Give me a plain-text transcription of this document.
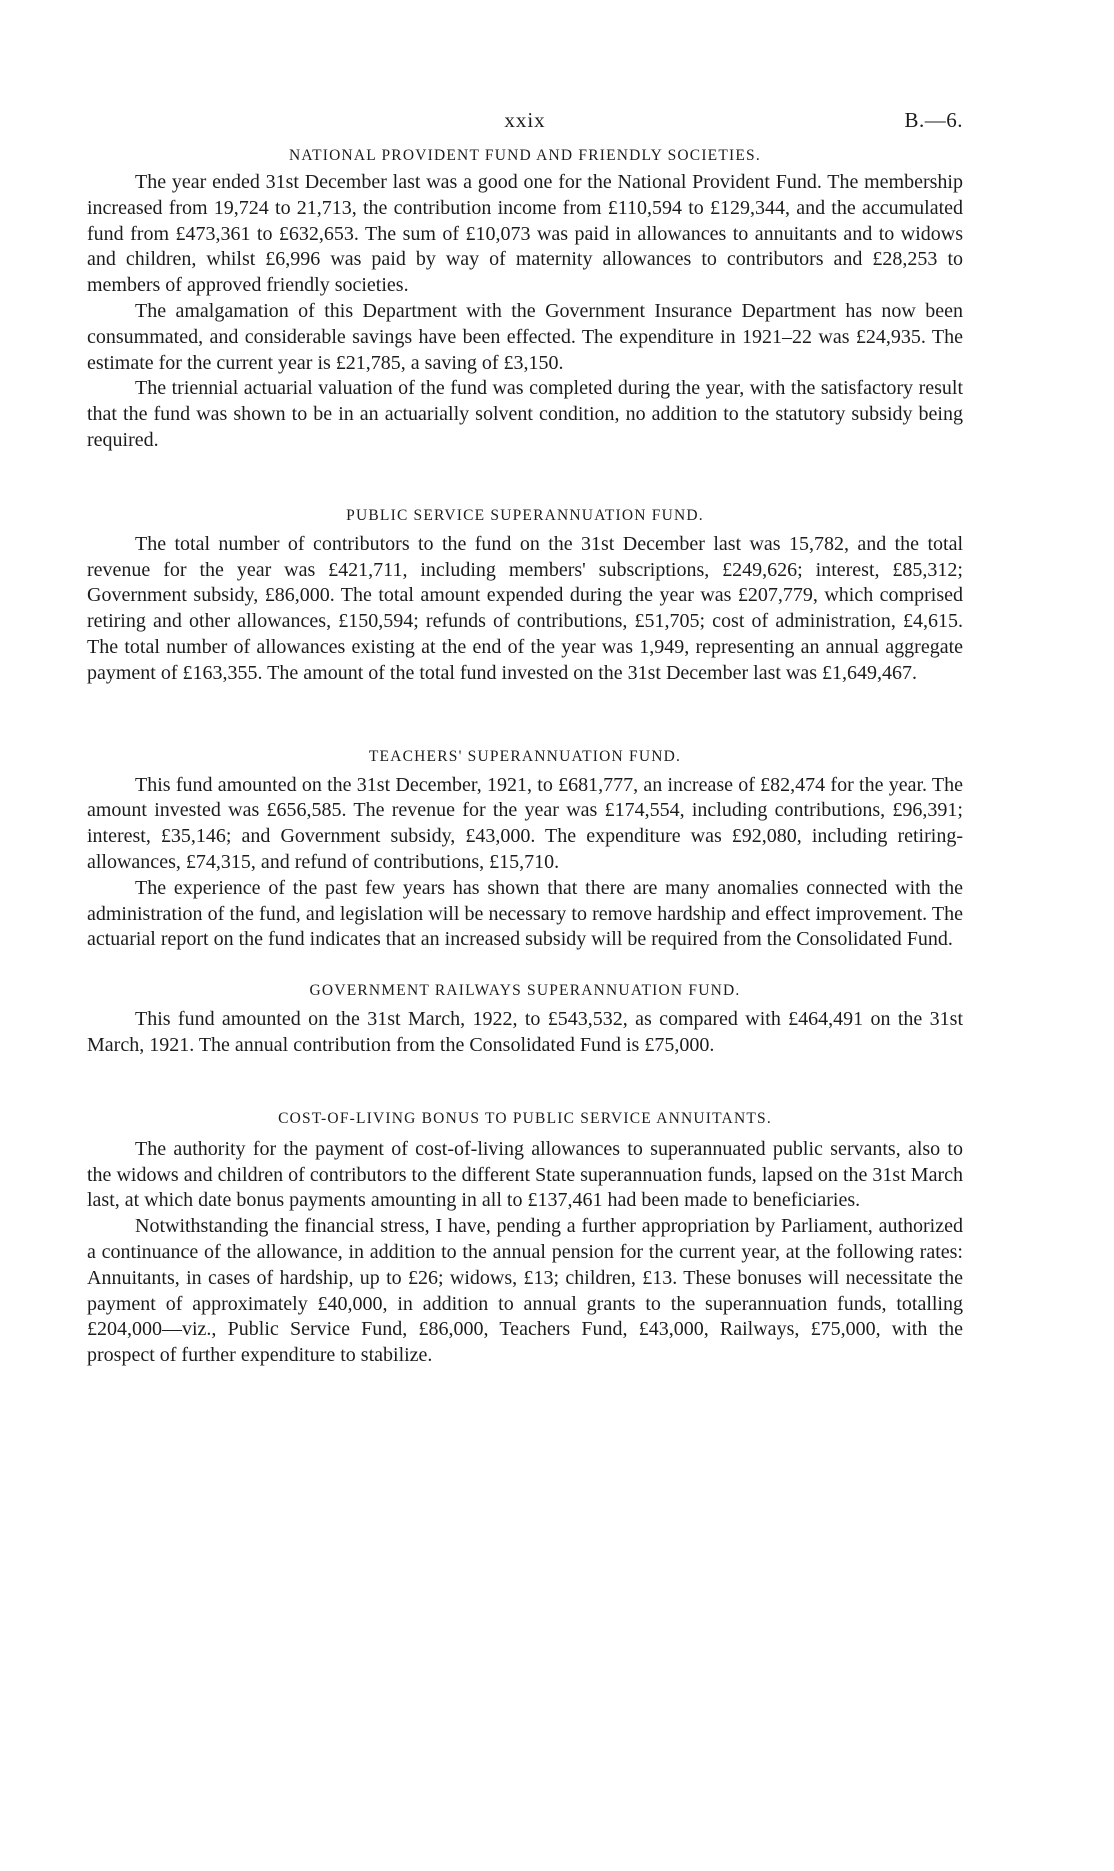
xxix	B.—6.
NATIONAL PROVIDENT FUND AND FRIENDLY SOCIETIES.

The year ended 31st December last was a good one for the National Provident Fund. The membership increased from 19,724 to 21,713, the contribution income from £110,594 to £129,344, and the accumulated fund from £473,361 to £632,653. The sum of £10,073 was paid in allowances to annuitants and to widows and children, whilst £6,996 was paid by way of maternity allowances to contributors and £28,253 to members of approved friendly societies.

The amalgamation of this Department with the Government Insurance Department has now been consummated, and considerable savings have been effected. The expenditure in 1921–22 was £24,935. The estimate for the current year is £21,785, a saving of £3,150.

The triennial actuarial valuation of the fund was completed during the year, with the satisfactory result that the fund was shown to be in an actuarially solvent condition, no addition to the statutory subsidy being required.

PUBLIC SERVICE SUPERANNUATION FUND.

The total number of contributors to the fund on the 31st December last was 15,782, and the total revenue for the year was £421,711, including members' subscriptions, £249,626; interest, £85,312; Government subsidy, £86,000. The total amount expended during the year was £207,779, which comprised retiring and other allowances, £150,594; refunds of contributions, £51,705; cost of administration, £4,615. The total number of allowances existing at the end of the year was 1,949, representing an annual aggregate payment of £163,355. The amount of the total fund invested on the 31st December last was £1,649,467.

TEACHERS' SUPERANNUATION FUND.

This fund amounted on the 31st December, 1921, to £681,777, an increase of £82,474 for the year. The amount invested was £656,585. The revenue for the year was £174,554, including contributions, £96,391; interest, £35,146; and Government subsidy, £43,000. The expenditure was £92,080, including retiring-allowances, £74,315, and refund of contributions, £15,710.

The experience of the past few years has shown that there are many anomalies connected with the administration of the fund, and legislation will be necessary to remove hardship and effect improvement. The actuarial report on the fund indicates that an increased subsidy will be required from the Consolidated Fund.

GOVERNMENT RAILWAYS SUPERANNUATION FUND.

This fund amounted on the 31st March, 1922, to £543,532, as compared with £464,491 on the 31st March, 1921. The annual contribution from the Consolidated Fund is £75,000.

COST-OF-LIVING BONUS TO PUBLIC SERVICE ANNUITANTS.

The authority for the payment of cost-of-living allowances to superannuated public servants, also to the widows and children of contributors to the different State superannuation funds, lapsed on the 31st March last, at which date bonus payments amounting in all to £137,461 had been made to beneficiaries.

Notwithstanding the financial stress, I have, pending a further appropriation by Parliament, authorized a continuance of the allowance, in addition to the annual pension for the current year, at the following rates: Annuitants, in cases of hardship, up to £26; widows, £13; children, £13. These bonuses will necessitate the payment of approximately £40,000, in addition to annual grants to the superannuation funds, totalling £204,000—viz., Public Service Fund, £86,000, Teachers Fund, £43,000, Railways, £75,000, with the prospect of further expenditure to stabilize.
